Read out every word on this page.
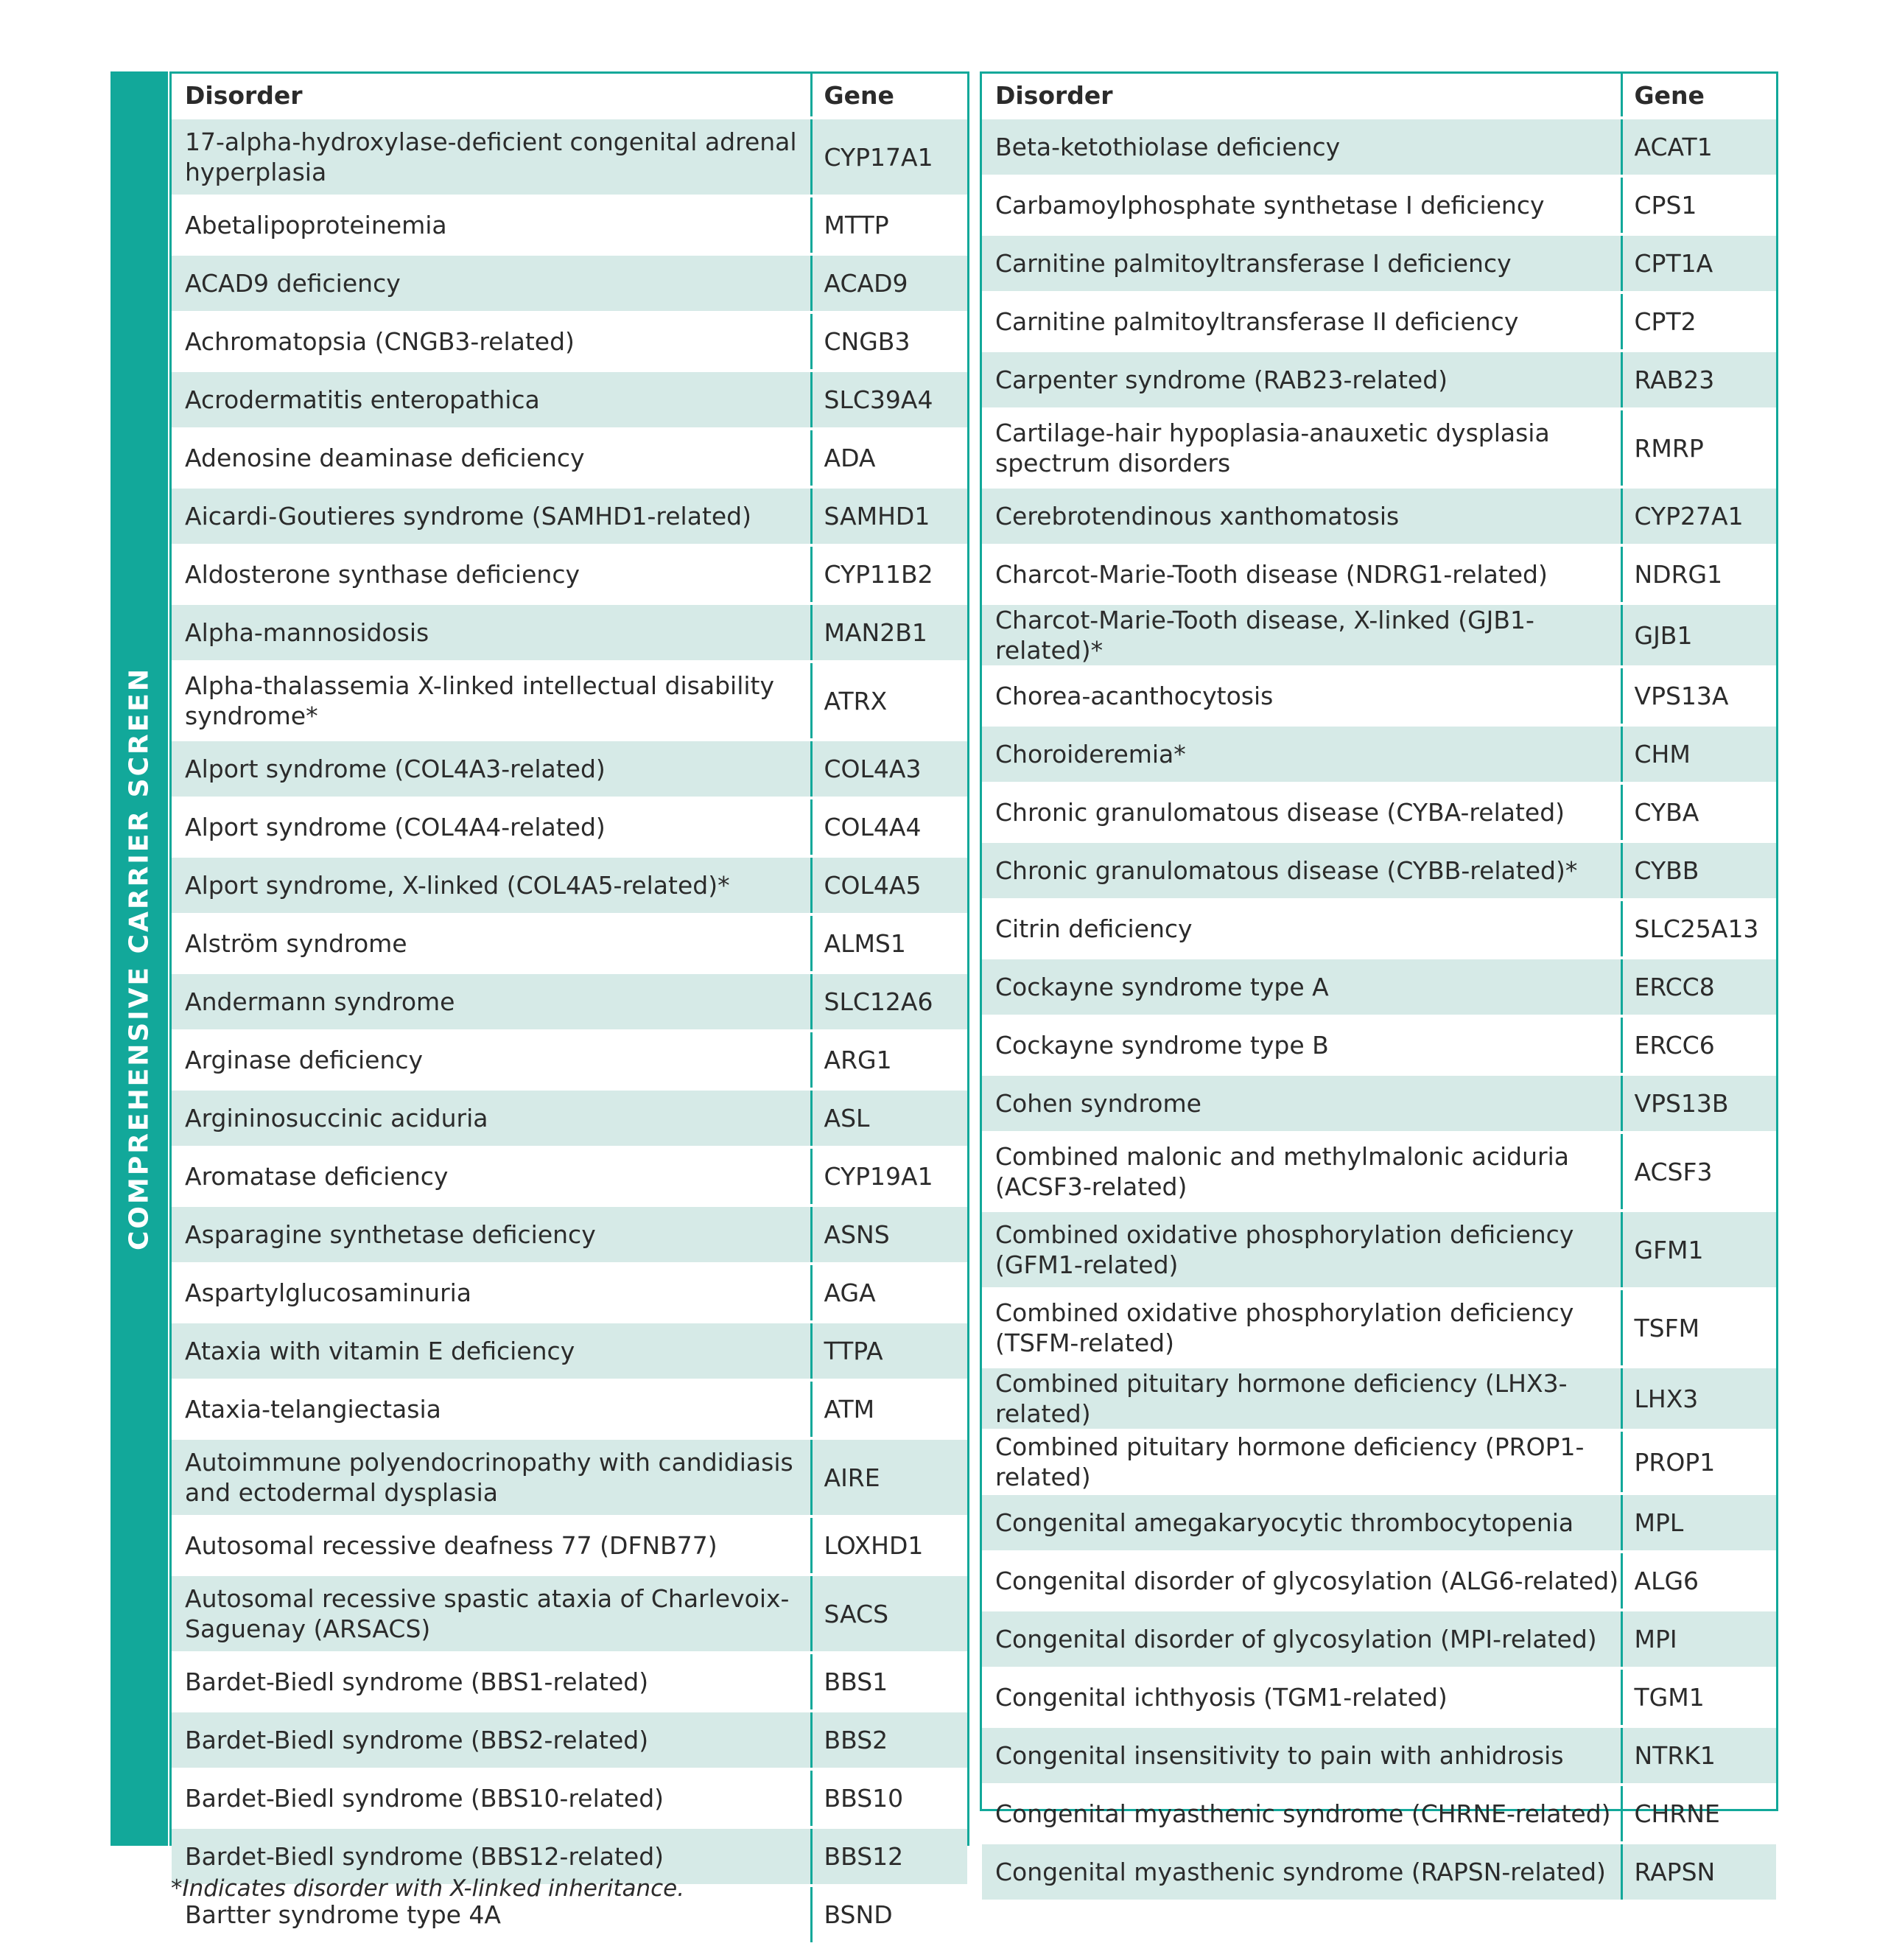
COMPREHENSIVE CARRIER SCREEN
Disorder	Gene
17-alpha-hydroxylase-deficient congenital adrenal hyperplasia	CYP17A1
Abetalipoproteinemia	MTTP
ACAD9 deficiency	ACAD9
Achromatopsia (CNGB3-related)	CNGB3
Acrodermatitis enteropathica	SLC39A4
Adenosine deaminase deficiency	ADA
Aicardi-Goutieres syndrome (SAMHD1-related)	SAMHD1
Aldosterone synthase deficiency	CYP11B2
Alpha-mannosidosis	MAN2B1
Alpha-thalassemia X-linked intellectual disability syndrome*	ATRX
Alport syndrome (COL4A3-related)	COL4A3
Alport syndrome (COL4A4-related)	COL4A4
Alport syndrome, X-linked (COL4A5-related)*	COL4A5
Alström syndrome	ALMS1
Andermann syndrome	SLC12A6
Arginase deficiency	ARG1
Argininosuccinic aciduria	ASL
Aromatase deficiency	CYP19A1
Asparagine synthetase deficiency	ASNS
Aspartylglucosaminuria	AGA
Ataxia with vitamin E deficiency	TTPA
Ataxia-telangiectasia	ATM
Autoimmune polyendocrinopathy with candidiasis and ectodermal dysplasia	AIRE
Autosomal recessive deafness 77 (DFNB77)	LOXHD1
Autosomal recessive spastic ataxia of Charlevoix-Saguenay (ARSACS)	SACS
Bardet-Biedl syndrome (BBS1-related)	BBS1
Bardet-Biedl syndrome (BBS2-related)	BBS2
Bardet-Biedl syndrome (BBS10-related)	BBS10
Bardet-Biedl syndrome (BBS12-related)	BBS12
Bartter syndrome type 4A	BSND
Disorder	Gene
Beta-ketothiolase deficiency	ACAT1
Carbamoylphosphate synthetase I deficiency	CPS1
Carnitine palmitoyltransferase I deficiency	CPT1A
Carnitine palmitoyltransferase II deficiency	CPT2
Carpenter syndrome (RAB23-related)	RAB23
Cartilage-hair hypoplasia-anauxetic dysplasia spectrum disorders	RMRP
Cerebrotendinous xanthomatosis	CYP27A1
Charcot-Marie-Tooth disease (NDRG1-related)	NDRG1
Charcot-Marie-Tooth disease, X-linked (GJB1-related)*	GJB1
Chorea-acanthocytosis	VPS13A
Choroideremia*	CHM
Chronic granulomatous disease (CYBA-related)	CYBA
Chronic granulomatous disease (CYBB-related)*	CYBB
Citrin deficiency	SLC25A13
Cockayne syndrome type A	ERCC8
Cockayne syndrome type B	ERCC6
Cohen syndrome	VPS13B
Combined malonic and methylmalonic aciduria (ACSF3-related)	ACSF3
Combined oxidative phosphorylation deficiency (GFM1-related)	GFM1
Combined oxidative phosphorylation deficiency (TSFM-related)	TSFM
Combined pituitary hormone deficiency (LHX3-related)	LHX3
Combined pituitary hormone deficiency (PROP1-related)	PROP1
Congenital amegakaryocytic thrombocytopenia	MPL
Congenital disorder of glycosylation (ALG6-related)	ALG6
Congenital disorder of glycosylation (MPI-related)	MPI
Congenital ichthyosis (TGM1-related)	TGM1
Congenital insensitivity to pain with anhidrosis	NTRK1
Congenital myasthenic syndrome (CHRNE-related)	CHRNE
Congenital myasthenic syndrome (RAPSN-related)	RAPSN
*Indicates disorder with X-linked inheritance.
